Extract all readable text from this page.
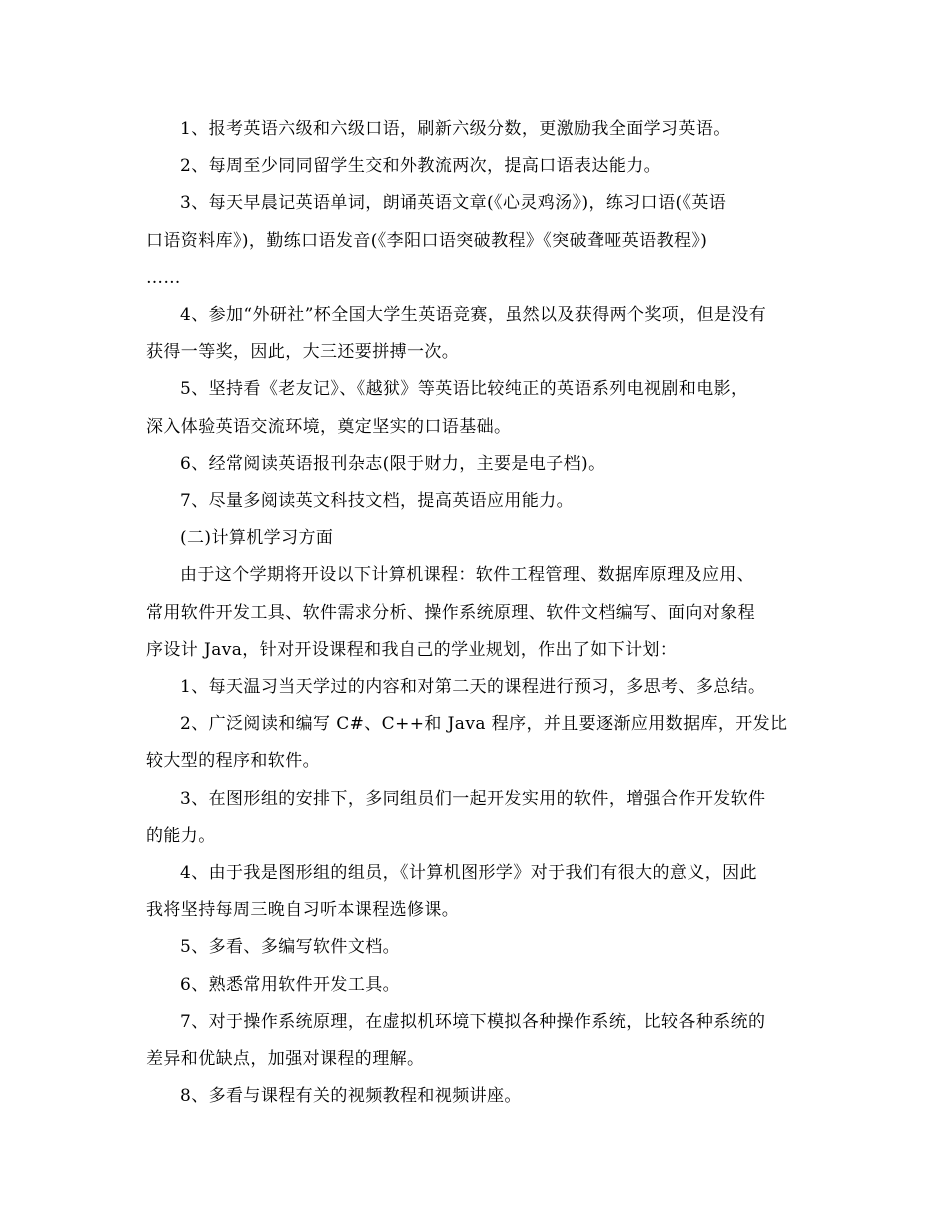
1、报考英语六级和六级口语，刷新六级分数，更激励我全面学习英语。

2、每周至少同同留学生交和外教流两次，提高口语表达能力。

3、每天早晨记英语单词，朗诵英语文章(《心灵鸡汤》)，练习口语(《英语
口语资料库》)，勤练口语发音(《李阳口语突破教程》《突破聋哑英语教程》)
……

4、参加“外研社”杯全国大学生英语竞赛，虽然以及获得两个奖项，但是没有
获得一等奖，因此，大三还要拼搏一次。

5、坚持看《老友记》、《越狱》等英语比较纯正的英语系列电视剧和电影，
深入体验英语交流环境，奠定坚实的口语基础。

6、经常阅读英语报刊杂志(限于财力，主要是电子档)。

7、尽量多阅读英文科技文档，提高英语应用能力。

(二)计算机学习方面

由于这个学期将开设以下计算机课程：软件工程管理、数据库原理及应用、
常用软件开发工具、软件需求分析、操作系统原理、软件文档编写、面向对象程
序设计 Java，针对开设课程和我自己的学业规划，作出了如下计划：

1、每天温习当天学过的内容和对第二天的课程进行预习，多思考、多总结。

2、广泛阅读和编写 C#、C++和 Java 程序，并且要逐渐应用数据库，开发比
较大型的程序和软件。

3、在图形组的安排下，多同组员们一起开发实用的软件，增强合作开发软件
的能力。

4、由于我是图形组的组员，《计算机图形学》对于我们有很大的意义，因此
我将坚持每周三晚自习听本课程选修课。

5、多看、多编写软件文档。

6、熟悉常用软件开发工具。

7、对于操作系统原理，在虚拟机环境下模拟各种操作系统，比较各种系统的
差异和优缺点，加强对课程的理解。

8、多看与课程有关的视频教程和视频讲座。
